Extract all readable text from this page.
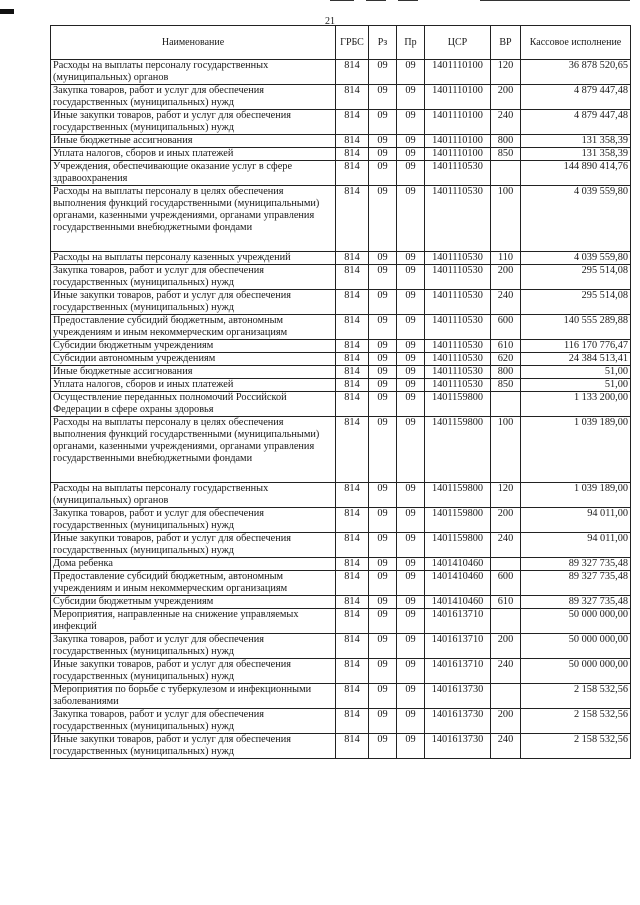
21
Наименование	ГРБС	Рз	Пр	ЦСР	ВР	Кассовое исполнение
Расходы на выплаты персоналу государственных (муниципальных) органов	814	09	09	1401110100	120	36 878 520,65
Закупка товаров, работ и услуг для обеспечения государственных (муниципальных) нужд	814	09	09	1401110100	200	4 879 447,48
Иные закупки товаров, работ и услуг для обеспечения государственных (муниципальных) нужд	814	09	09	1401110100	240	4 879 447,48
Иные бюджетные ассигнования	814	09	09	1401110100	800	131 358,39
Уплата налогов, сборов и иных платежей	814	09	09	1401110100	850	131 358,39
Учреждения, обеспечивающие оказание услуг в сфере здравоохранения	814	09	09	1401110530		144 890 414,76
Расходы на выплаты персоналу в целях обеспечения выполнения функций государственными (муниципальными) органами, казенными учреждениями, органами управления государственными внебюджетными фондами	814	09	09	1401110530	100	4 039 559,80
Расходы на выплаты персоналу казенных учреждений	814	09	09	1401110530	110	4 039 559,80
Закупка товаров, работ и услуг для обеспечения государственных (муниципальных) нужд	814	09	09	1401110530	200	295 514,08
Иные закупки товаров, работ и услуг для обеспечения государственных (муниципальных) нужд	814	09	09	1401110530	240	295 514,08
Предоставление субсидий бюджетным, автономным учреждениям и иным некоммерческим организациям	814	09	09	1401110530	600	140 555 289,88
Субсидии бюджетным учреждениям	814	09	09	1401110530	610	116 170 776,47
Субсидии автономным учреждениям	814	09	09	1401110530	620	24 384 513,41
Иные бюджетные ассигнования	814	09	09	1401110530	800	51,00
Уплата налогов, сборов и иных платежей	814	09	09	1401110530	850	51,00
Осуществление переданных полномочий Российской Федерации в сфере охраны здоровья	814	09	09	1401159800		1 133 200,00
Расходы на выплаты персоналу в целях обеспечения выполнения функций государственными (муниципальными) органами, казенными учреждениями, органами управления государственными внебюджетными фондами	814	09	09	1401159800	100	1 039 189,00
Расходы на выплаты персоналу государственных (муниципальных) органов	814	09	09	1401159800	120	1 039 189,00
Закупка товаров, работ и услуг для обеспечения государственных (муниципальных) нужд	814	09	09	1401159800	200	94 011,00
Иные закупки товаров, работ и услуг для обеспечения государственных (муниципальных) нужд	814	09	09	1401159800	240	94 011,00
Дома ребенка	814	09	09	1401410460		89 327 735,48
Предоставление субсидий бюджетным, автономным учреждениям и иным некоммерческим организациям	814	09	09	1401410460	600	89 327 735,48
Субсидии бюджетным учреждениям	814	09	09	1401410460	610	89 327 735,48
Мероприятия, направленные на снижение управляемых инфекций	814	09	09	1401613710		50 000 000,00
Закупка товаров, работ и услуг для обеспечения государственных (муниципальных) нужд	814	09	09	1401613710	200	50 000 000,00
Иные закупки товаров, работ и услуг для обеспечения государственных (муниципальных) нужд	814	09	09	1401613710	240	50 000 000,00
Мероприятия по борьбе с туберкулезом и инфекционными заболеваниями	814	09	09	1401613730		2 158 532,56
Закупка товаров, работ и услуг для обеспечения государственных (муниципальных) нужд	814	09	09	1401613730	200	2 158 532,56
Иные закупки товаров, работ и услуг для обеспечения государственных (муниципальных) нужд	814	09	09	1401613730	240	2 158 532,56
